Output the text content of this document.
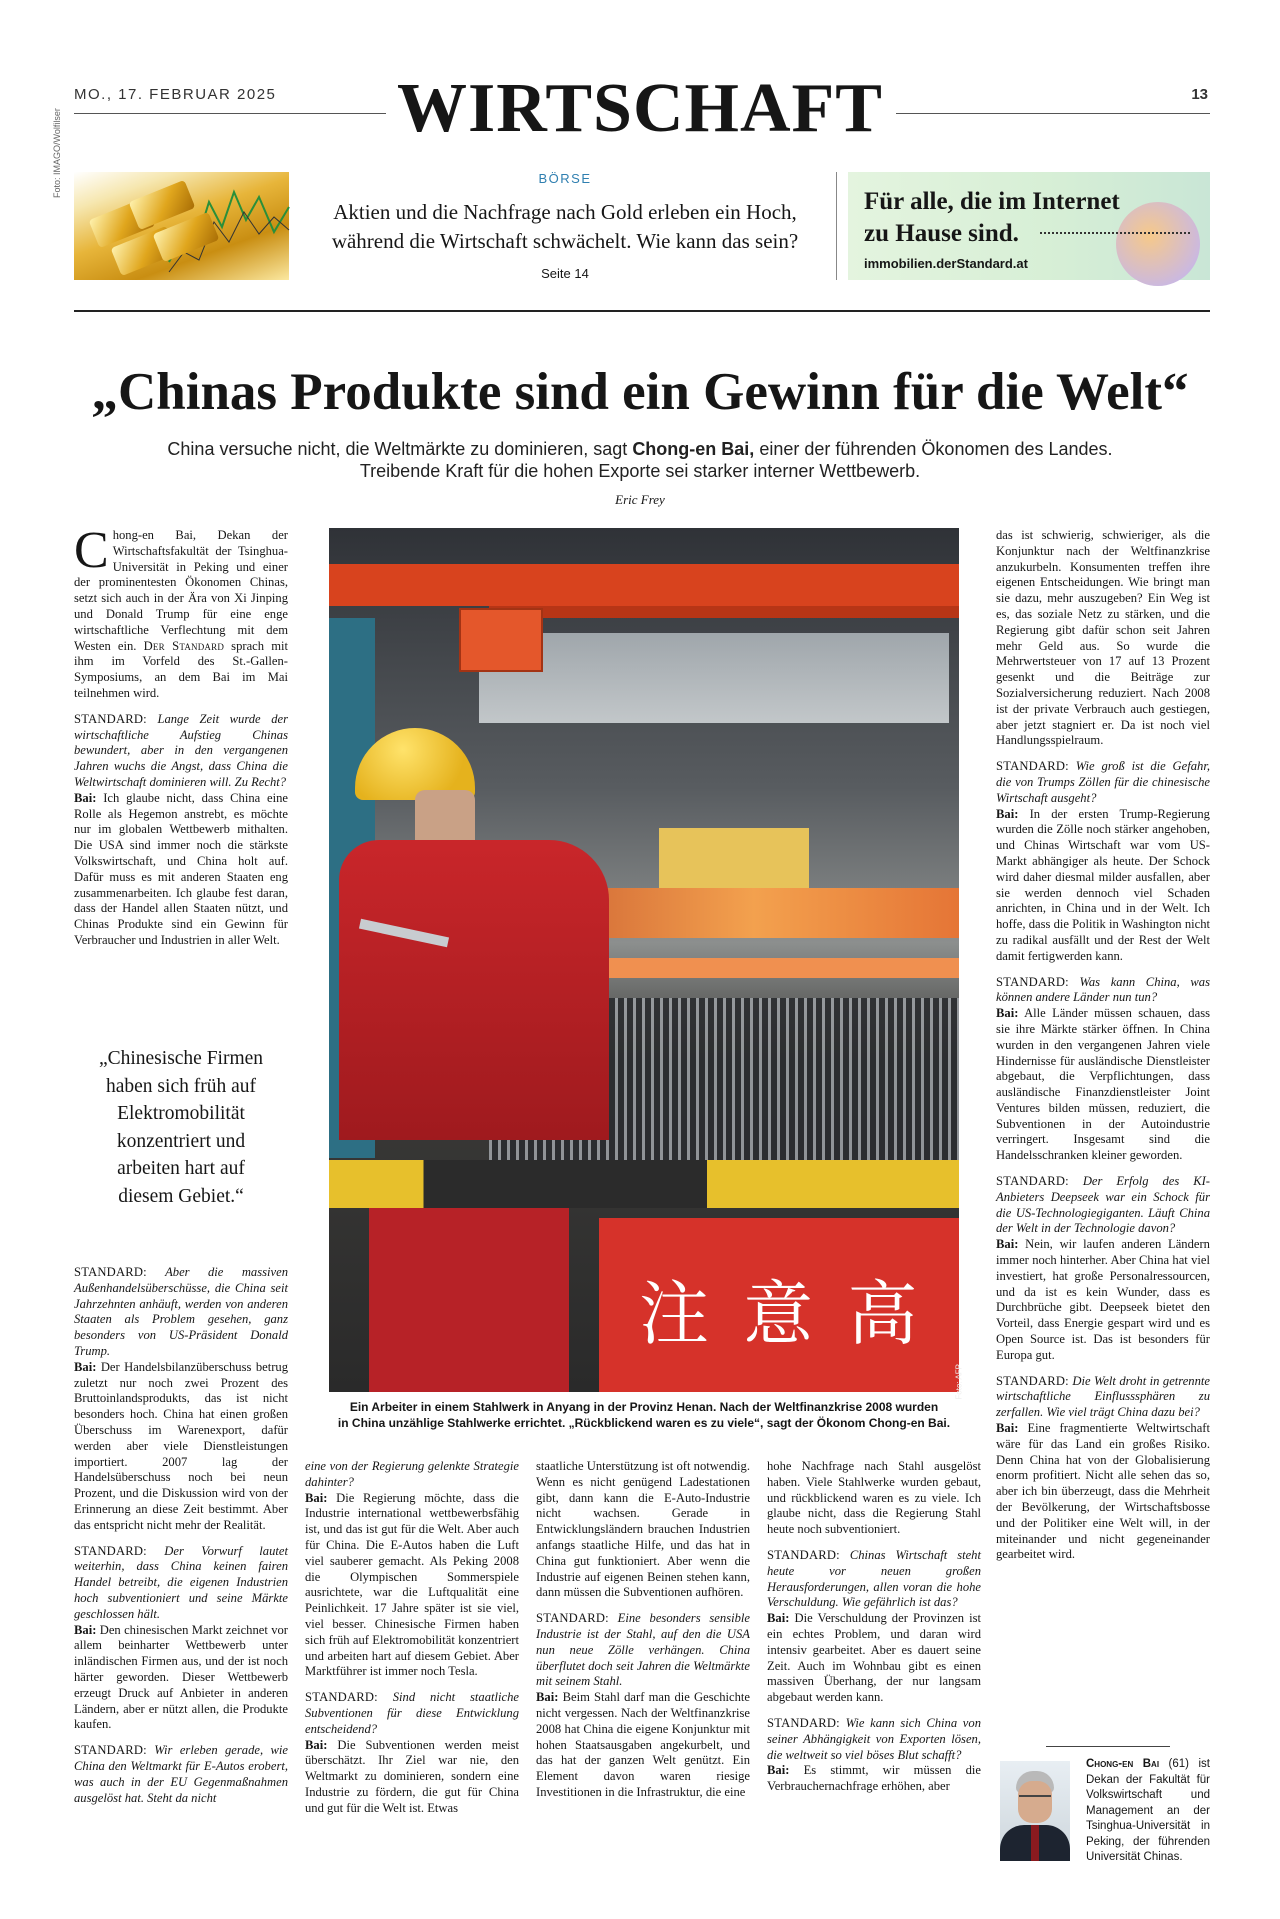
MO., 17. FEBRUAR 2025	WIRTSCHAFT	13
Foto: IMAGO/Wolfilser	BÖRSE
Aktien und die Nachfrage nach Gold erleben ein Hoch,
während die Wirtschaft schwächelt. Wie kann das sein?
Seite 14
Für alle, die im Internet
zu Hause sind.
immobilien.derStandard.at
„Chinas Produkte sind ein Gewinn für die Welt“
China versuche nicht, die Weltmärkte zu dominieren, sagt Chong-en Bai, einer der führenden Ökonomen des Landes.
Treibende Kraft für die hohen Exporte sei starker interner Wettbewerb.
Eric Frey

Chong-en Bai, Dekan der Wirtschaftsfakultät der Tsinghua-Universität in Peking und einer der prominentesten Ökonomen Chinas, setzt sich auch in der Ära von Xi Jinping und Donald Trump für eine enge wirtschaftliche Verflechtung mit dem Westen ein. Der Standard sprach mit ihm im Vorfeld des St.-Gallen-Symposiums, an dem Bai im Mai teilnehmen wird.

STANDARD: Lange Zeit wurde der wirtschaftliche Aufstieg Chinas bewundert, aber in den vergangenen Jahren wuchs die Angst, dass China die Weltwirtschaft dominieren will. Zu Recht?

Bai: Ich glaube nicht, dass China eine Rolle als Hegemon anstrebt, es möchte nur im globalen Wettbewerb mithalten. Die USA sind immer noch die stärkste Volkswirtschaft, und China holt auf. Dafür muss es mit anderen Staaten eng zusammenarbeiten. Ich glaube fest daran, dass der Handel allen Staaten nützt, und Chinas Produkte sind ein Gewinn für Verbraucher und Industrien in aller Welt.

„Chinesische Firmen haben sich früh auf Elektromobilität konzentriert und arbeiten hart auf diesem Gebiet.“

STANDARD: Aber die massiven Außenhandelsüberschüsse, die China seit Jahrzehnten anhäuft, werden von anderen Staaten als Problem gesehen, ganz besonders von US-Präsident Donald Trump.

Bai: Der Handelsbilanzüberschuss betrug zuletzt nur noch zwei Prozent des Bruttoinlandsprodukts, das ist nicht besonders hoch. China hat einen großen Überschuss im Warenexport, dafür werden aber viele Dienstleistungen importiert. 2007 lag der Handelsüberschuss noch bei neun Prozent, und die Diskussion wird von der Erinnerung an diese Zeit bestimmt. Aber das entspricht nicht mehr der Realität.

STANDARD: Der Vorwurf lautet weiterhin, dass China keinen fairen Handel betreibt, die eigenen Industrien hoch subventioniert und seine Märkte geschlossen hält.

Bai: Den chinesischen Markt zeichnet vor allem beinharter Wettbewerb unter inländischen Firmen aus, und der ist noch härter geworden. Dieser Wettbewerb erzeugt Druck auf Anbieter in anderen Ländern, aber er nützt allen, die Produkte kaufen.

STANDARD: Wir erleben gerade, wie China den Weltmarkt für E-Autos erobert, was auch in der EU Gegenmaßnahmen ausgelöst hat. Steht da nicht

注 意 高
Foto: AFP
Ein Arbeiter in einem Stahlwerk in Anyang in der Provinz Henan. Nach der Weltfinanzkrise 2008 wurden
in China unzählige Stahlwerke errichtet. „Rückblickend waren es zu viele“, sagt der Ökonom Chong-en Bai.

eine von der Regierung gelenkte Strategie dahinter?

Bai: Die Regierung möchte, dass die Industrie international wettbewerbsfähig ist, und das ist gut für die Welt. Aber auch für China. Die E-Autos haben die Luft viel sauberer gemacht. Als Peking 2008 die Olympischen Sommerspiele ausrichtete, war die Luftqualität eine Peinlichkeit. 17 Jahre später ist sie viel, viel besser. Chinesische Firmen haben sich früh auf Elektromobilität konzentriert und arbeiten hart auf diesem Gebiet. Aber Marktführer ist immer noch Tesla.

STANDARD: Sind nicht staatliche Subventionen für diese Entwicklung entscheidend?

Bai: Die Subventionen werden meist überschätzt. Ihr Ziel war nie, den Weltmarkt zu dominieren, sondern eine Industrie zu fördern, die gut für China und gut für die Welt ist. Etwas

staatliche Unterstützung ist oft notwendig. Wenn es nicht genügend Ladestationen gibt, dann kann die E-Auto-Industrie nicht wachsen. Gerade in Entwicklungsländern brauchen Industrien anfangs staatliche Hilfe, und das hat in China gut funktioniert. Aber wenn die Industrie auf eigenen Beinen stehen kann, dann müssen die Subventionen aufhören.

STANDARD: Eine besonders sensible Industrie ist der Stahl, auf den die USA nun neue Zölle verhängen. China überflutet doch seit Jahren die Weltmärkte mit seinem Stahl.

Bai: Beim Stahl darf man die Geschichte nicht vergessen. Nach der Weltfinanzkrise 2008 hat China die eigene Konjunktur mit hohen Staatsausgaben angekurbelt, und das hat der ganzen Welt genützt. Ein Element davon waren riesige Investitionen in die Infrastruktur, die eine

hohe Nachfrage nach Stahl ausgelöst haben. Viele Stahlwerke wurden gebaut, und rückblickend waren es zu viele. Ich glaube nicht, dass die Regierung Stahl heute noch subventioniert.

STANDARD: Chinas Wirtschaft steht heute vor neuen großen Herausforderungen, allen voran die hohe Verschuldung. Wie gefährlich ist das?

Bai: Die Verschuldung der Provinzen ist ein echtes Problem, und daran wird intensiv gearbeitet. Aber es dauert seine Zeit. Auch im Wohnbau gibt es einen massiven Überhang, der nur langsam abgebaut werden kann.

STANDARD: Wie kann sich China von seiner Abhängigkeit von Exporten lösen, die weltweit so viel böses Blut schafft?

Bai: Es stimmt, wir müssen die Verbrauchernachfrage erhöhen, aber

das ist schwierig, schwieriger, als die Konjunktur nach der Weltfinanzkrise anzukurbeln. Konsumenten treffen ihre eigenen Entscheidungen. Wie bringt man sie dazu, mehr auszugeben? Ein Weg ist es, das soziale Netz zu stärken, und die Regierung gibt dafür schon seit Jahren mehr Geld aus. So wurde die Mehrwertsteuer von 17 auf 13 Prozent gesenkt und die Beiträge zur Sozialversicherung reduziert. Nach 2008 ist der private Verbrauch auch gestiegen, aber jetzt stagniert er. Da ist noch viel Handlungsspielraum.

STANDARD: Wie groß ist die Gefahr, die von Trumps Zöllen für die chinesische Wirtschaft ausgeht?

Bai: In der ersten Trump-Regierung wurden die Zölle noch stärker angehoben, und Chinas Wirtschaft war vom US-Markt abhängiger als heute. Der Schock wird daher diesmal milder ausfallen, aber sie werden dennoch viel Schaden anrichten, in China und in der Welt. Ich hoffe, dass die Politik in Washington nicht zu radikal ausfällt und der Rest der Welt damit fertigwerden kann.

STANDARD: Was kann China, was können andere Länder nun tun?

Bai: Alle Länder müssen schauen, dass sie ihre Märkte stärker öffnen. In China wurden in den vergangenen Jahren viele Hindernisse für ausländische Dienstleister abgebaut, die Verpflichtungen, dass ausländische Finanzdienstleister Joint Ventures bilden müssen, reduziert, die Subventionen in der Autoindustrie verringert. Insgesamt sind die Handelsschranken kleiner geworden.

STANDARD: Der Erfolg des KI-Anbieters Deepseek war ein Schock für die US-Technologiegiganten. Läuft China der Welt in der Technologie davon?

Bai: Nein, wir laufen anderen Ländern immer noch hinterher. Aber China hat viel investiert, hat große Personalressourcen, und da ist es kein Wunder, dass es Durchbrüche gibt. Deepseek bietet den Vorteil, dass Energie gespart wird und es Open Source ist. Das ist besonders für Europa gut.

STANDARD: Die Welt droht in getrennte wirtschaftliche Einflusssphären zu zerfallen. Wie viel trägt China dazu bei?

Bai: Eine fragmentierte Weltwirtschaft wäre für das Land ein großes Risiko. Denn China hat von der Globalisierung enorm profitiert. Nicht alle sehen das so, aber ich bin überzeugt, dass die Mehrheit der Bevölkerung, der Wirtschaftsbosse und der Politiker eine Welt will, in der miteinander und nicht gegeneinander gearbeitet wird.

Chong-en Bai (61) ist Dekan der Fakultät für Volkswirtschaft und Management an der Tsinghua-Universität in Peking, der führenden Universität Chinas.
